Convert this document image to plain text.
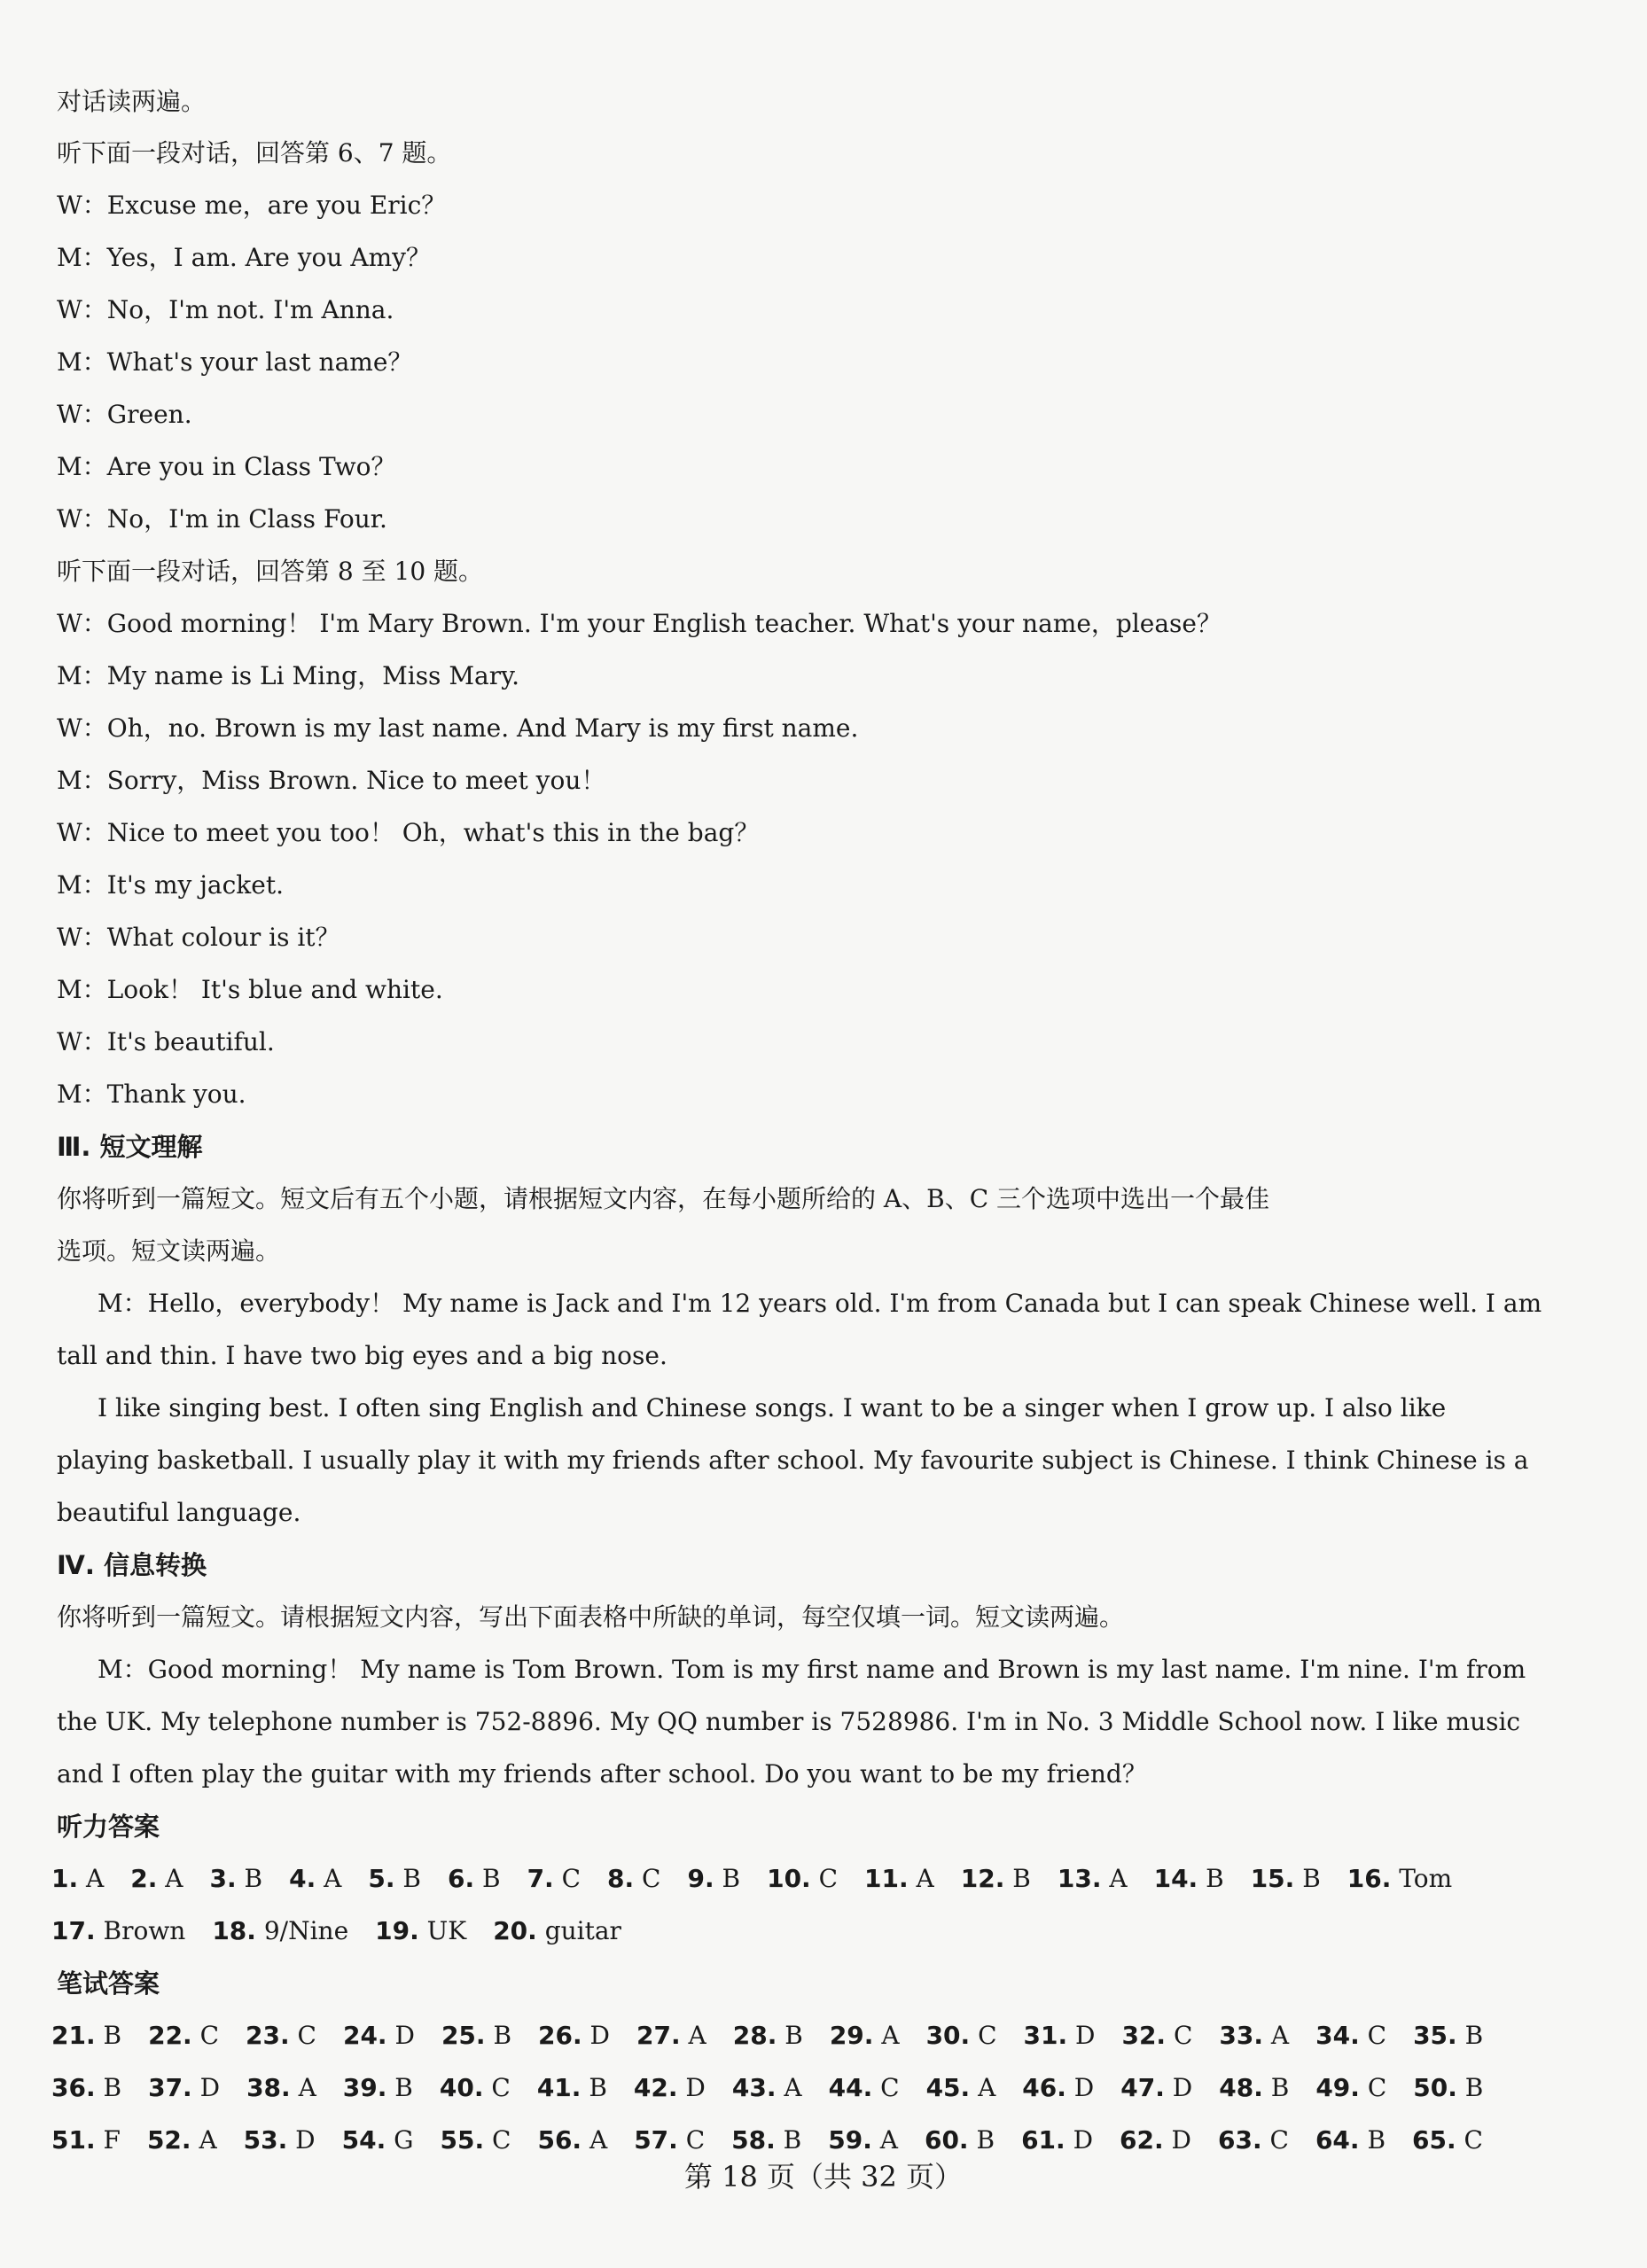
对话读两遍。
听下面一段对话，回答第 6、7 题。
W：Excuse me，are you Eric？
M：Yes，I am. Are you Amy？
W：No，I'm not. I'm Anna.
M：What's your last name？
W：Green.
M：Are you in Class Two？
W：No，I'm in Class Four.
听下面一段对话，回答第 8 至 10 题。
W：Good morning！ I'm Mary Brown. I'm your English teacher. What's your name，please？
M：My name is Li Ming，Miss Mary.
W：Oh，no. Brown is my last name. And Mary is my first name.
M：Sorry，Miss Brown. Nice to meet you！
W：Nice to meet you too！ Oh，what's this in the bag？
M：It's my jacket.
W：What colour is it？
M：Look！ It's blue and white.
W：It's beautiful.
M：Thank you.
Ⅲ. 短文理解
你将听到一篇短文。短文后有五个小题，请根据短文内容，在每小题所给的 A、B、C 三个选项中选出一个最佳
选项。短文读两遍。
M：Hello，everybody！ My name is Jack and I'm 12 years old. I'm from Canada but I can speak Chinese well. I am
tall and thin. I have two big eyes and a big nose.
I like singing best. I often sing English and Chinese songs. I want to be a singer when I grow up. I also like
playing basketball. I usually play it with my friends after school. My favourite subject is Chinese. I think Chinese is a
beautiful language.
Ⅳ. 信息转换
你将听到一篇短文。请根据短文内容，写出下面表格中所缺的单词，每空仅填一词。短文读两遍。
M：Good morning！ My name is Tom Brown. Tom is my first name and Brown is my last name. I'm nine. I'm from
the UK. My telephone number is 752-8896. My QQ number is 7528986. I'm in No. 3 Middle School now. I like music
and I often play the guitar with my friends after school. Do you want to be my friend？
听力答案
1. A 2. A 3. B 4. A 5. B 6. B 7. C 8. C 9. B 10. C 11. A 12. B 13. A 14. B 15. B 16. Tom
17. Brown 18. 9/Nine 19. UK 20. guitar
笔试答案
21. B 22. C 23. C 24. D 25. B 26. D 27. A 28. B 29. A 30. C 31. D 32. C 33. A 34. C 35. B
36. B 37. D 38. A 39. B 40. C 41. B 42. D 43. A 44. C 45. A 46. D 47. D 48. B 49. C 50. B
51. F 52. A 53. D 54. G 55. C 56. A 57. C 58. B 59. A 60. B 61. D 62. D 63. C 64. B 65. C
第 18 页（共 32 页）
